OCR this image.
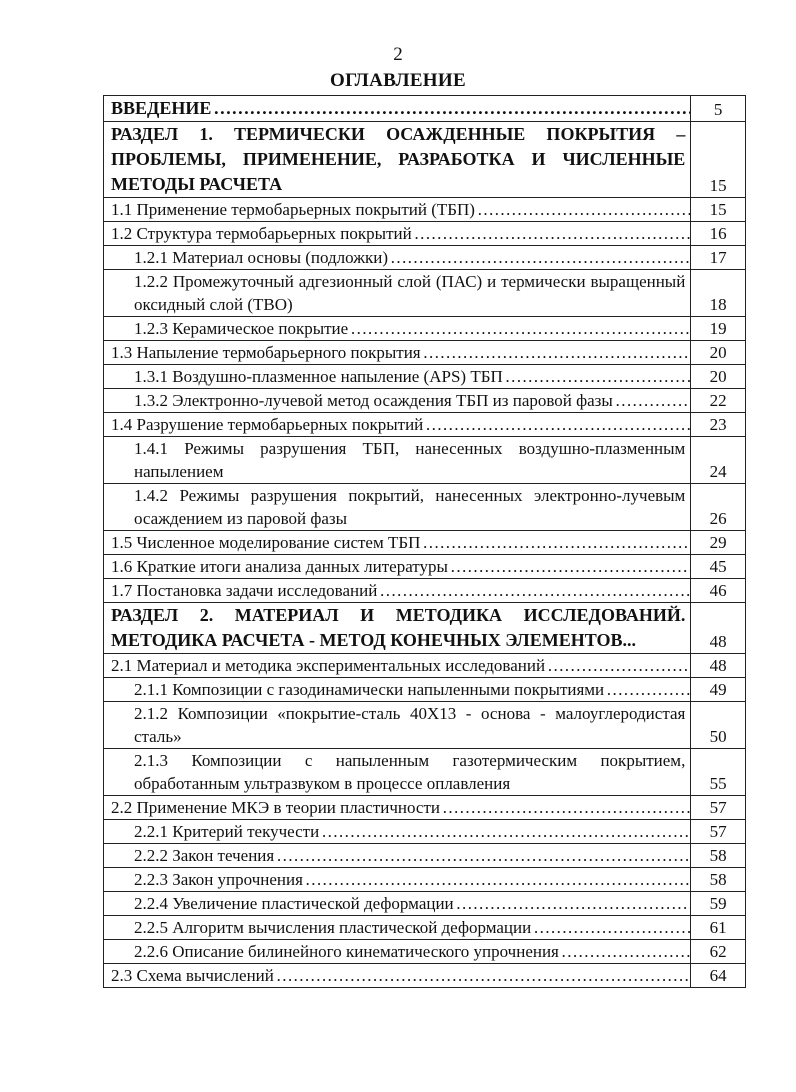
2
ОГЛАВЛЕНИЕ
ВВЕДЕНИЕ …………………………………………………………………………………………………………	5

РАЗДЕЛ 1. ТЕРМИЧЕСКИ ОСАЖДЕННЫЕ ПОКРЫТИЯ – ПРОБЛЕМЫ, ПРИМЕНЕНИЕ, РАЗРАБОТКА И ЧИСЛЕННЫЕ МЕТОДЫ РАСЧЕТА	15

1.1 Применение термобарьерных покрытий (ТБП) …………………………………………………………………………………………………………	15

1.2 Структура термобарьерных покрытий …………………………………………………………………………………………………………	16

1.2.1 Материал основы (подложки) …………………………………………………………………………………………………………	17

1.2.2 Промежуточный адгезионный слой (ПАС) и термически выращенный оксидный слой (ТВО)	18

1.2.3 Керамическое покрытие …………………………………………………………………………………………………………	19

1.3 Напыление термобарьерного покрытия …………………………………………………………………………………………………………	20

1.3.1 Воздушно-плазменное напыление (APS) ТБП …………………………………………………………………………………………………………	20

1.3.2 Электронно-лучевой метод осаждения ТБП из паровой фазы …………………………………………………………………………………………………………	22

1.4 Разрушение термобарьерных покрытий …………………………………………………………………………………………………………	23

1.4.1 Режимы разрушения ТБП, нанесенных воздушно-плазменным напылением	24

1.4.2 Режимы разрушения покрытий, нанесенных электронно-лучевым осаждением из паровой фазы	26

1.5 Численное моделирование систем ТБП …………………………………………………………………………………………………………	29

1.6 Краткие итоги анализа данных литературы …………………………………………………………………………………………………………	45

1.7 Постановка задачи исследований …………………………………………………………………………………………………………	46

РАЗДЕЛ 2. МАТЕРИАЛ И МЕТОДИКА ИССЛЕДОВАНИЙ. МЕТОДИКА РАСЧЕТА - МЕТОД КОНЕЧНЫХ ЭЛЕМЕНТОВ...	48

2.1 Материал и методика экспериментальных исследований …………………………………………………………………………………………………………	48

2.1.1 Композиции с газодинамически напыленными покрытиями …………………………………………………………………………………………………………	49

2.1.2 Композиции «покрытие-сталь 40Х13 - основа - малоуглеродистая сталь»	50

2.1.3 Композиции с напыленным газотермическим покрытием, обработанным ультразвуком в процессе оплавления	55

2.2 Применение МКЭ в теории пластичности …………………………………………………………………………………………………………	57

2.2.1 Критерий текучести …………………………………………………………………………………………………………	57

2.2.2 Закон течения …………………………………………………………………………………………………………	58

2.2.3 Закон упрочнения …………………………………………………………………………………………………………	58

2.2.4 Увеличение пластической деформации …………………………………………………………………………………………………………	59

2.2.5 Алгоритм вычисления пластической деформации …………………………………………………………………………………………………………	61

2.2.6 Описание билинейного кинематического упрочнения …………………………………………………………………………………………………………	62

2.3 Схема вычислений …………………………………………………………………………………………………………	64
